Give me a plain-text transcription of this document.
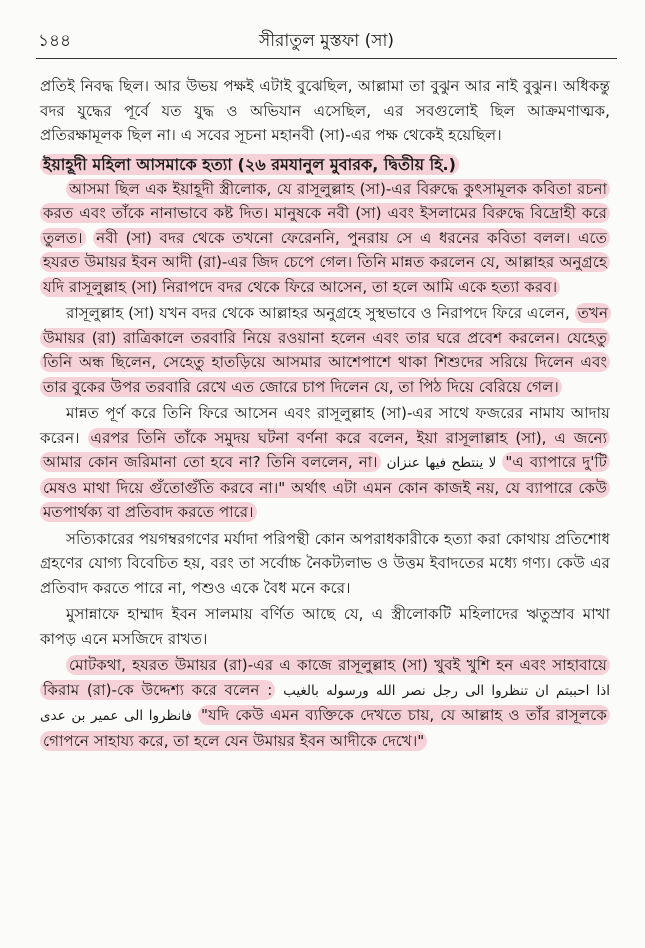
১৪৪	সীরাতুল মুস্তফা (সা)

প্রতিই নিবদ্ধ ছিল। আর উভয় পক্ষই এটাই বুঝেছিল, আল্লামা তা বুঝুন আর নাই বুঝুন। অধিকন্তু বদর যুদ্ধের পূর্বে যত যুদ্ধ ও অভিযান এসেছিল, এর সবগুলোই ছিল আক্রমণাত্মক, প্রতিরক্ষামূলক ছিল না। এ সবের সূচনা মহানবী (সা)-এর পক্ষ থেকেই হয়েছিল।

ইয়াহূদী মহিলা আসমাকে হত্যা (২৬ রমযানুল মুবারক, দ্বিতীয় হি.)

আসমা ছিল এক ইয়াহূদী স্ত্রীলোক, যে রাসূলুল্লাহ (সা)-এর বিরুদ্ধে কুৎসামূলক কবিতা রচনা করত এবং তাঁকে নানাভাবে কষ্ট দিত। মানুষকে নবী (সা) এবং ইসলামের বিরুদ্ধে বিদ্রোহী করে তুলত। নবী (সা) বদর থেকে তখনো ফেরেননি, পুনরায় সে এ ধরনের কবিতা বলল। এতে হযরত উমায়র ইবন আদী (রা)-এর জিদ চেপে গেল। তিনি মান্নত করলেন যে, আল্লাহর অনুগ্রহে যদি রাসূলুল্লাহ (সা) নিরাপদে বদর থেকে ফিরে আসেন, তা হলে আমি একে হত্যা করব।

রাসূলুল্লাহ (সা) যখন বদর থেকে আল্লাহর অনুগ্রহে সুস্থভাবে ও নিরাপদে ফিরে এলেন, তখন উমায়র (রা) রাত্রিকালে তরবারি নিয়ে রওয়ানা হলেন এবং তার ঘরে প্রবেশ করলেন। যেহেতু তিনি অন্ধ ছিলেন, সেহেতু হাতড়িয়ে আসমার আশেপাশে থাকা শিশুদের সরিয়ে দিলেন এবং তার বুকের উপর তরবারি রেখে এত জোরে চাপ দিলেন যে, তা পিঠ দিয়ে বেরিয়ে গেল।

মান্নত পূর্ণ করে তিনি ফিরে আসেন এবং রাসূলুল্লাহ (সা)-এর সাথে ফজরের নামায আদায় করেন। এরপর তিনি তাঁকে সমুদয় ঘটনা বর্ণনা করে বলেন, ইয়া রাসূলাল্লাহ (সা), এ জন্যে আমার কোন জরিমানা তো হবে না? তিনি বললেন, না। لا ينتطح فيها عنزان "এ ব্যাপারে দু'টি মেষও মাথা দিয়ে গুঁতোগুঁতি করবে না।" অর্থাৎ এটা এমন কোন কাজই নয়, যে ব্যাপারে কেউ মতপার্থক্য বা প্রতিবাদ করতে পারে।

সত্যিকারের পয়গম্বরগণের মর্যাদা পরিপন্থী কোন অপরাধকারীকে হত্যা করা কোথায় প্রতিশোধ গ্রহণের যোগ্য বিবেচিত হয়, বরং তা সর্বোচ্চ নৈকট্যলাভ ও উত্তম ইবাদতের মধ্যে গণ্য। কেউ এর প্রতিবাদ করতে পারে না, পশুও একে বৈধ মনে করে।

মুসান্নাফে হাম্মাদ ইবন সালমায় বর্ণিত আছে যে, এ স্ত্রীলোকটি মহিলাদের ঋতুস্রাব মাখা কাপড় এনে মসজিদে রাখত।

মোটকথা, হযরত উমায়র (রা)-এর এ কাজে রাসূলুল্লাহ (সা) খুবই খুশি হন এবং সাহাবায়ে কিরাম (রা)-কে উদ্দেশ্য করে বলেন : اذا احببتم ان تنظروا الى رجل نصر الله ورسوله بالغيب فانظروا الى عمير بن عدى "যদি কেউ এমন ব্যক্তিকে দেখতে চায়, যে আল্লাহ ও তাঁর রাসূলকে গোপনে সাহায্য করে, তা হলে যেন উমায়র ইবন আদীকে দেখে।"
